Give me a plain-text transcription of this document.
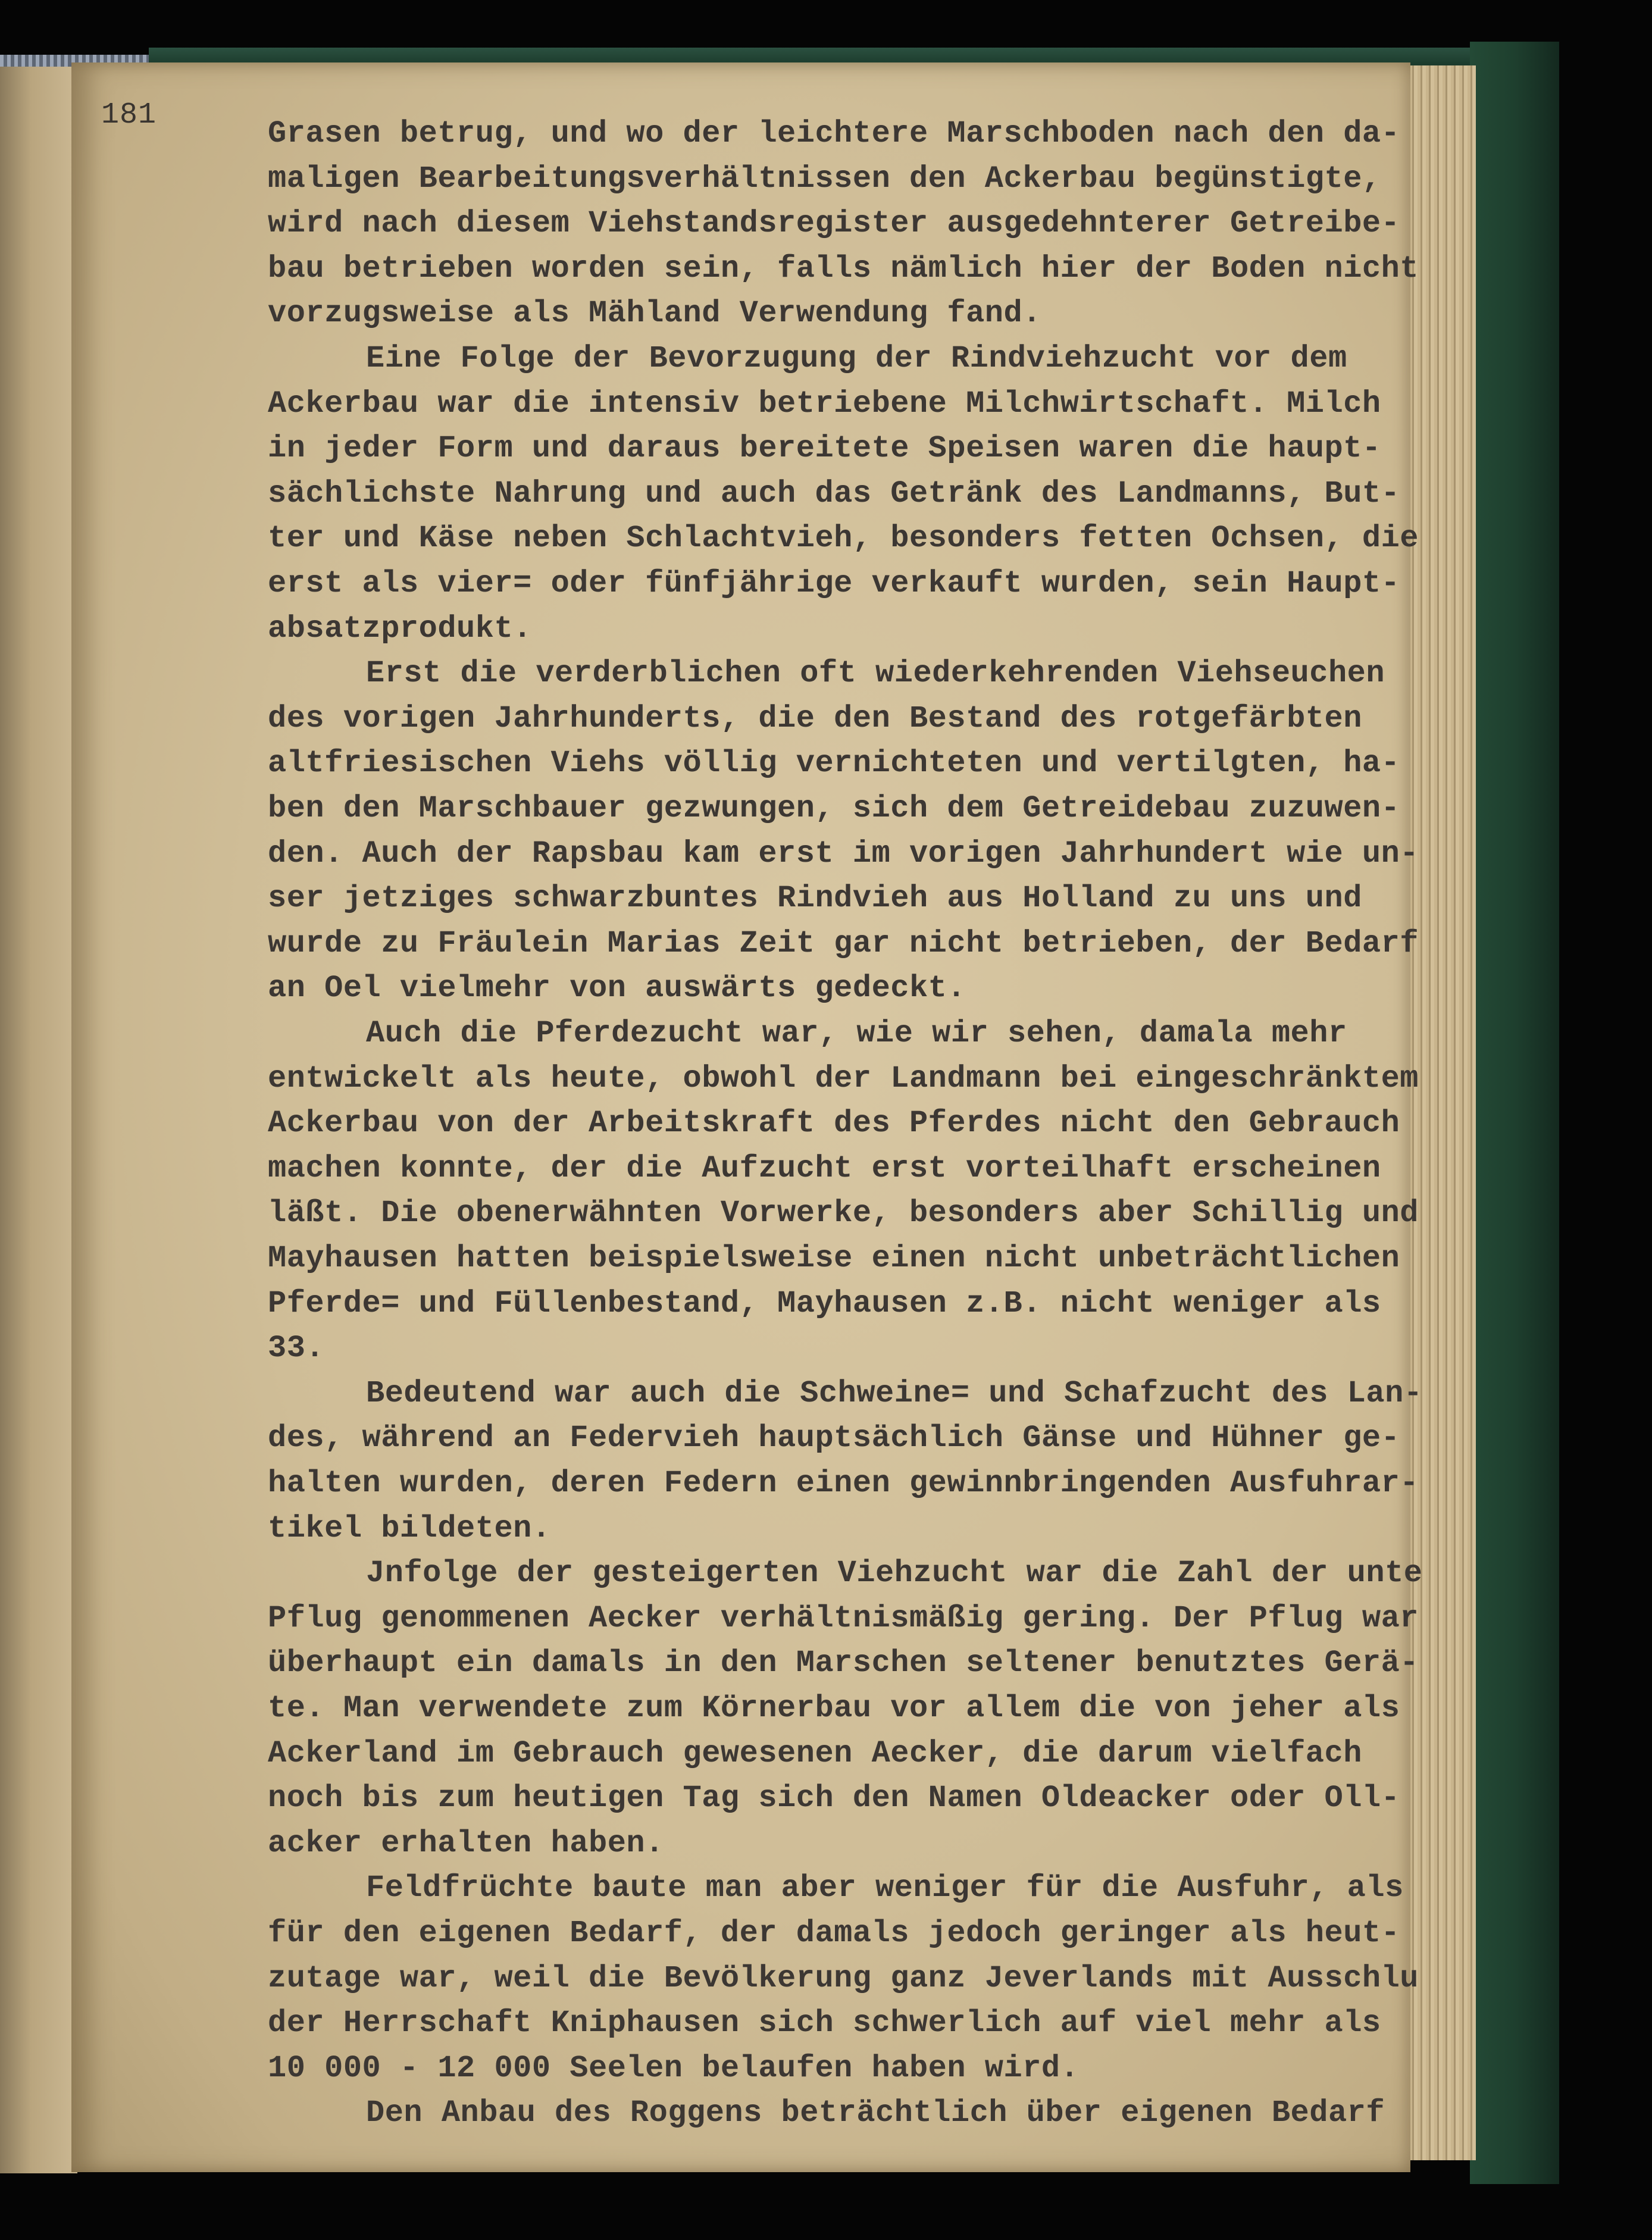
181
Grasen betrug, und wo der leichtere Marschboden nach den da-
maligen Bearbeitungsverhältnissen den Ackerbau begünstigte,
wird nach diesem Viehstandsregister ausgedehnterer Getreibe-
bau betrieben worden sein, falls nämlich hier der Boden nicht
vorzugsweise als Mähland Verwendung fand.
Eine Folge der Bevorzugung der Rindviehzucht vor dem
Ackerbau war die intensiv betriebene Milchwirtschaft. Milch
in jeder Form und daraus bereitete Speisen waren die haupt-
sächlichste Nahrung und auch das Getränk des Landmanns, But-
ter und Käse neben Schlachtvieh, besonders fetten Ochsen, die
erst als vier= oder fünfjährige verkauft wurden, sein Haupt-
absatzprodukt.
Erst die verderblichen oft wiederkehrenden Viehseuchen
des vorigen Jahrhunderts, die den Bestand des rotgefärbten
altfriesischen Viehs völlig vernichteten und vertilgten, ha-
ben den Marschbauer gezwungen, sich dem Getreidebau zuzuwen-
den. Auch der Rapsbau kam erst im vorigen Jahrhundert wie un-
ser jetziges schwarzbuntes Rindvieh aus Holland zu uns und
wurde zu Fräulein Marias Zeit gar nicht betrieben, der Bedarf
an Oel vielmehr von auswärts gedeckt.
Auch die Pferdezucht war, wie wir sehen, damala mehr
entwickelt als heute, obwohl der Landmann bei eingeschränktem
Ackerbau von der Arbeitskraft des Pferdes nicht den Gebrauch
machen konnte, der die Aufzucht erst vorteilhaft erscheinen
läßt. Die obenerwähnten Vorwerke, besonders aber Schillig und
Mayhausen hatten beispielsweise einen nicht unbeträchtlichen
Pferde= und Füllenbestand, Mayhausen z.B. nicht weniger als
33.
Bedeutend war auch die Schweine= und Schafzucht des Lan-
des, während an Federvieh hauptsächlich Gänse und Hühner ge-
halten wurden, deren Federn einen gewinnbringenden Ausfuhrar-
tikel bildeten.
Jnfolge der gesteigerten Viehzucht war die Zahl der unte
Pflug genommenen Aecker verhältnismäßig gering. Der Pflug war
überhaupt ein damals in den Marschen seltener benutztes Gerä-
te. Man verwendete zum Körnerbau vor allem die von jeher als
Ackerland im Gebrauch gewesenen Aecker, die darum vielfach
noch bis zum heutigen Tag sich den Namen Oldeacker oder Oll-
acker erhalten haben.
Feldfrüchte baute man aber weniger für die Ausfuhr, als
für den eigenen Bedarf, der damals jedoch geringer als heut-
zutage war, weil die Bevölkerung ganz Jeverlands mit Ausschlu
der Herrschaft Kniphausen sich schwerlich auf viel mehr als
10 000 - 12 000 Seelen belaufen haben wird.
Den Anbau des Roggens beträchtlich über eigenen Bedarf
